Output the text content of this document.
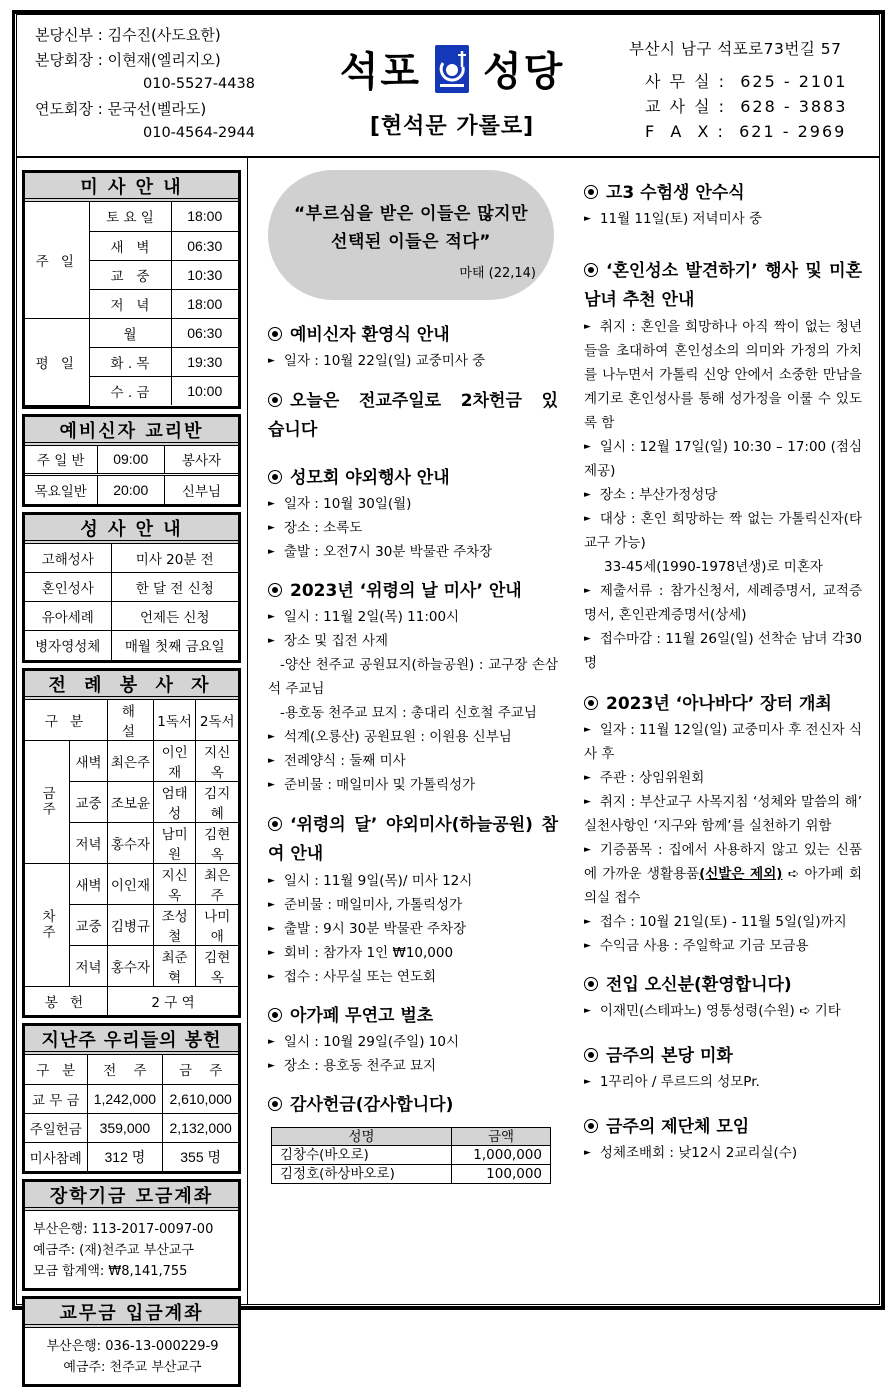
본당신부 : 김수진(사도요한)
본당회장 : 이현재(엘리지오)
010-5527-4438
연도회장 : 문국선(벨라도)
010-4564-2944
석포 성당
[현석문 가롤로]
부산시 남구 석포로73번길 57
사 무 실 : 625 - 2101
교 사 실 : 628 - 3883
F  A  X : 621 - 2969
미 사 안 내
주 일	토 요 일	18:00
	새   벽	06:30
	교   중	10:30
	저   녁	18:00
평 일	월	06:30
	화 . 목	19:30
	수 . 금	10:00
예비신자 교리반
주 일 반	09:00	봉사자
목요일반	20:00	신부님
성 사 안 내
고해성사	미사 20분 전
혼인성사	한 달 전 신청
유아세례	언제든 신청
병자영성체	매월 첫째 금요일
전 례 봉 사 자
구 분		해 설	1독서	2독서
금주	새벽	최은주	이인재	지신옥
	교중	조보윤	엄태성	김지혜
	저녁	홍수자	남미원	김현옥
차주	새벽	이인재	지신옥	최은주
	교중	김병규	조성철	나미애
	저녁	홍수자	최준혁	김현옥
봉 헌		2 구 역		
지난주 우리들의 봉헌
구   분	전    주	금    주
교 무 금	1,242,000	2,610,000
주일헌금	359,000	2,132,000
미사참례	312 명	355 명
장학기금 모금계좌
부산은행: 113-2017-0097-00
예금주: (재)천주교 부산교구
모금 합계액: ₩8,141,755
교무금 입금계좌
부산은행: 036-13-000229-9
예금주: 천주교 부산교구
“부르심을 받은 이들은 많지만
선택된 이들은 적다”
마태 (22,14)
예비신자 환영식 안내
► 일자 : 10월 22일(일) 교중미사 중
오늘은 전교주일로 2차헌금 있습니다
성모회 야외행사 안내
► 일자 : 10월 30일(월)
► 장소 : 소록도
► 출발 : 오전7시 30분 박물관 주차장
2023년 ‘위령의 날 미사’ 안내
► 일시 : 11월 2일(목) 11:00시
► 장소 및 집전 사제
-양산 천주교 공원묘지(하늘공원) : 교구장 손삼석 주교님
-용호동 천주교 묘지 : 총대리 신호철 주교님
► 석계(오룡산) 공원묘원 : 이원용 신부님
► 전례양식 : 둘째 미사
► 준비물 : 매일미사 및 가톨릭성가
‘위령의 달’ 야외미사(하늘공원) 참여 안내
► 일시 : 11월 9일(목)/ 미사 12시
► 준비물 : 매일미사, 가톨릭성가
► 출발 : 9시 30분 박물관 주차장
► 회비 : 참가자 1인 ₩10,000
► 접수 : 사무실 또는 연도회
아가페 무연고 벌초
► 일시 : 10월 29일(주일) 10시
► 장소 : 용호동 천주교 묘지
감사헌금(감사합니다)
성명	금액
김창수(바오로)	1,000,000
김정호(하상바오로)	100,000
고3 수험생 안수식
► 11월 11일(토) 저녁미사 중
‘혼인성소 발견하기’ 행사 및 미혼 남녀 추천 안내
► 취지 : 혼인을 희망하나 아직 짝이 없는 청년들을 초대하여 혼인성소의 의미와 가정의 가치를 나누면서 가톨릭 신앙 안에서 소중한 만남을 계기로 혼인성사를 통해 성가정을 이룰 수 있도록 함
► 일시 : 12월 17일(일) 10:30 – 17:00 (점심 제공)
► 장소 : 부산가정성당
► 대상 : 혼인 희망하는 짝 없는 가톨릭신자(타교구 가능)
33-45세(1990-1978년생)로 미혼자
► 제출서류 : 참가신청서, 세례증명서, 교적증명서, 혼인관계증명서(상세)
► 접수마감 : 11월 26일(일) 선착순 남녀 각30명
2023년 ‘아나바다’ 장터 개최
► 일자 : 11월 12일(일) 교중미사 후 전신자 식사 후
► 주관 : 상임위원회
► 취지 : 부산교구 사목지침 ‘성체와 말씀의 해’ 실천사항인 ‘지구와 함께’를 실천하기 위함
► 기증품목 : 집에서 사용하지 않고 있는 신품에 가까운 생활용품(신발은 제외) ➪ 아가페 회의실 접수
► 접수 : 10월 21일(토) - 11월 5일(일)까지
► 수익금 사용 : 주일학교 기금 모금용
전입 오신분(환영합니다)
► 이재민(스테파노) 영통성령(수원) ➪ 기타
금주의 본당 미화
► 1꾸리아 / 루르드의 성모Pr.
금주의 제단체 모임
► 성체조배회 : 낮12시 2교리실(수)
